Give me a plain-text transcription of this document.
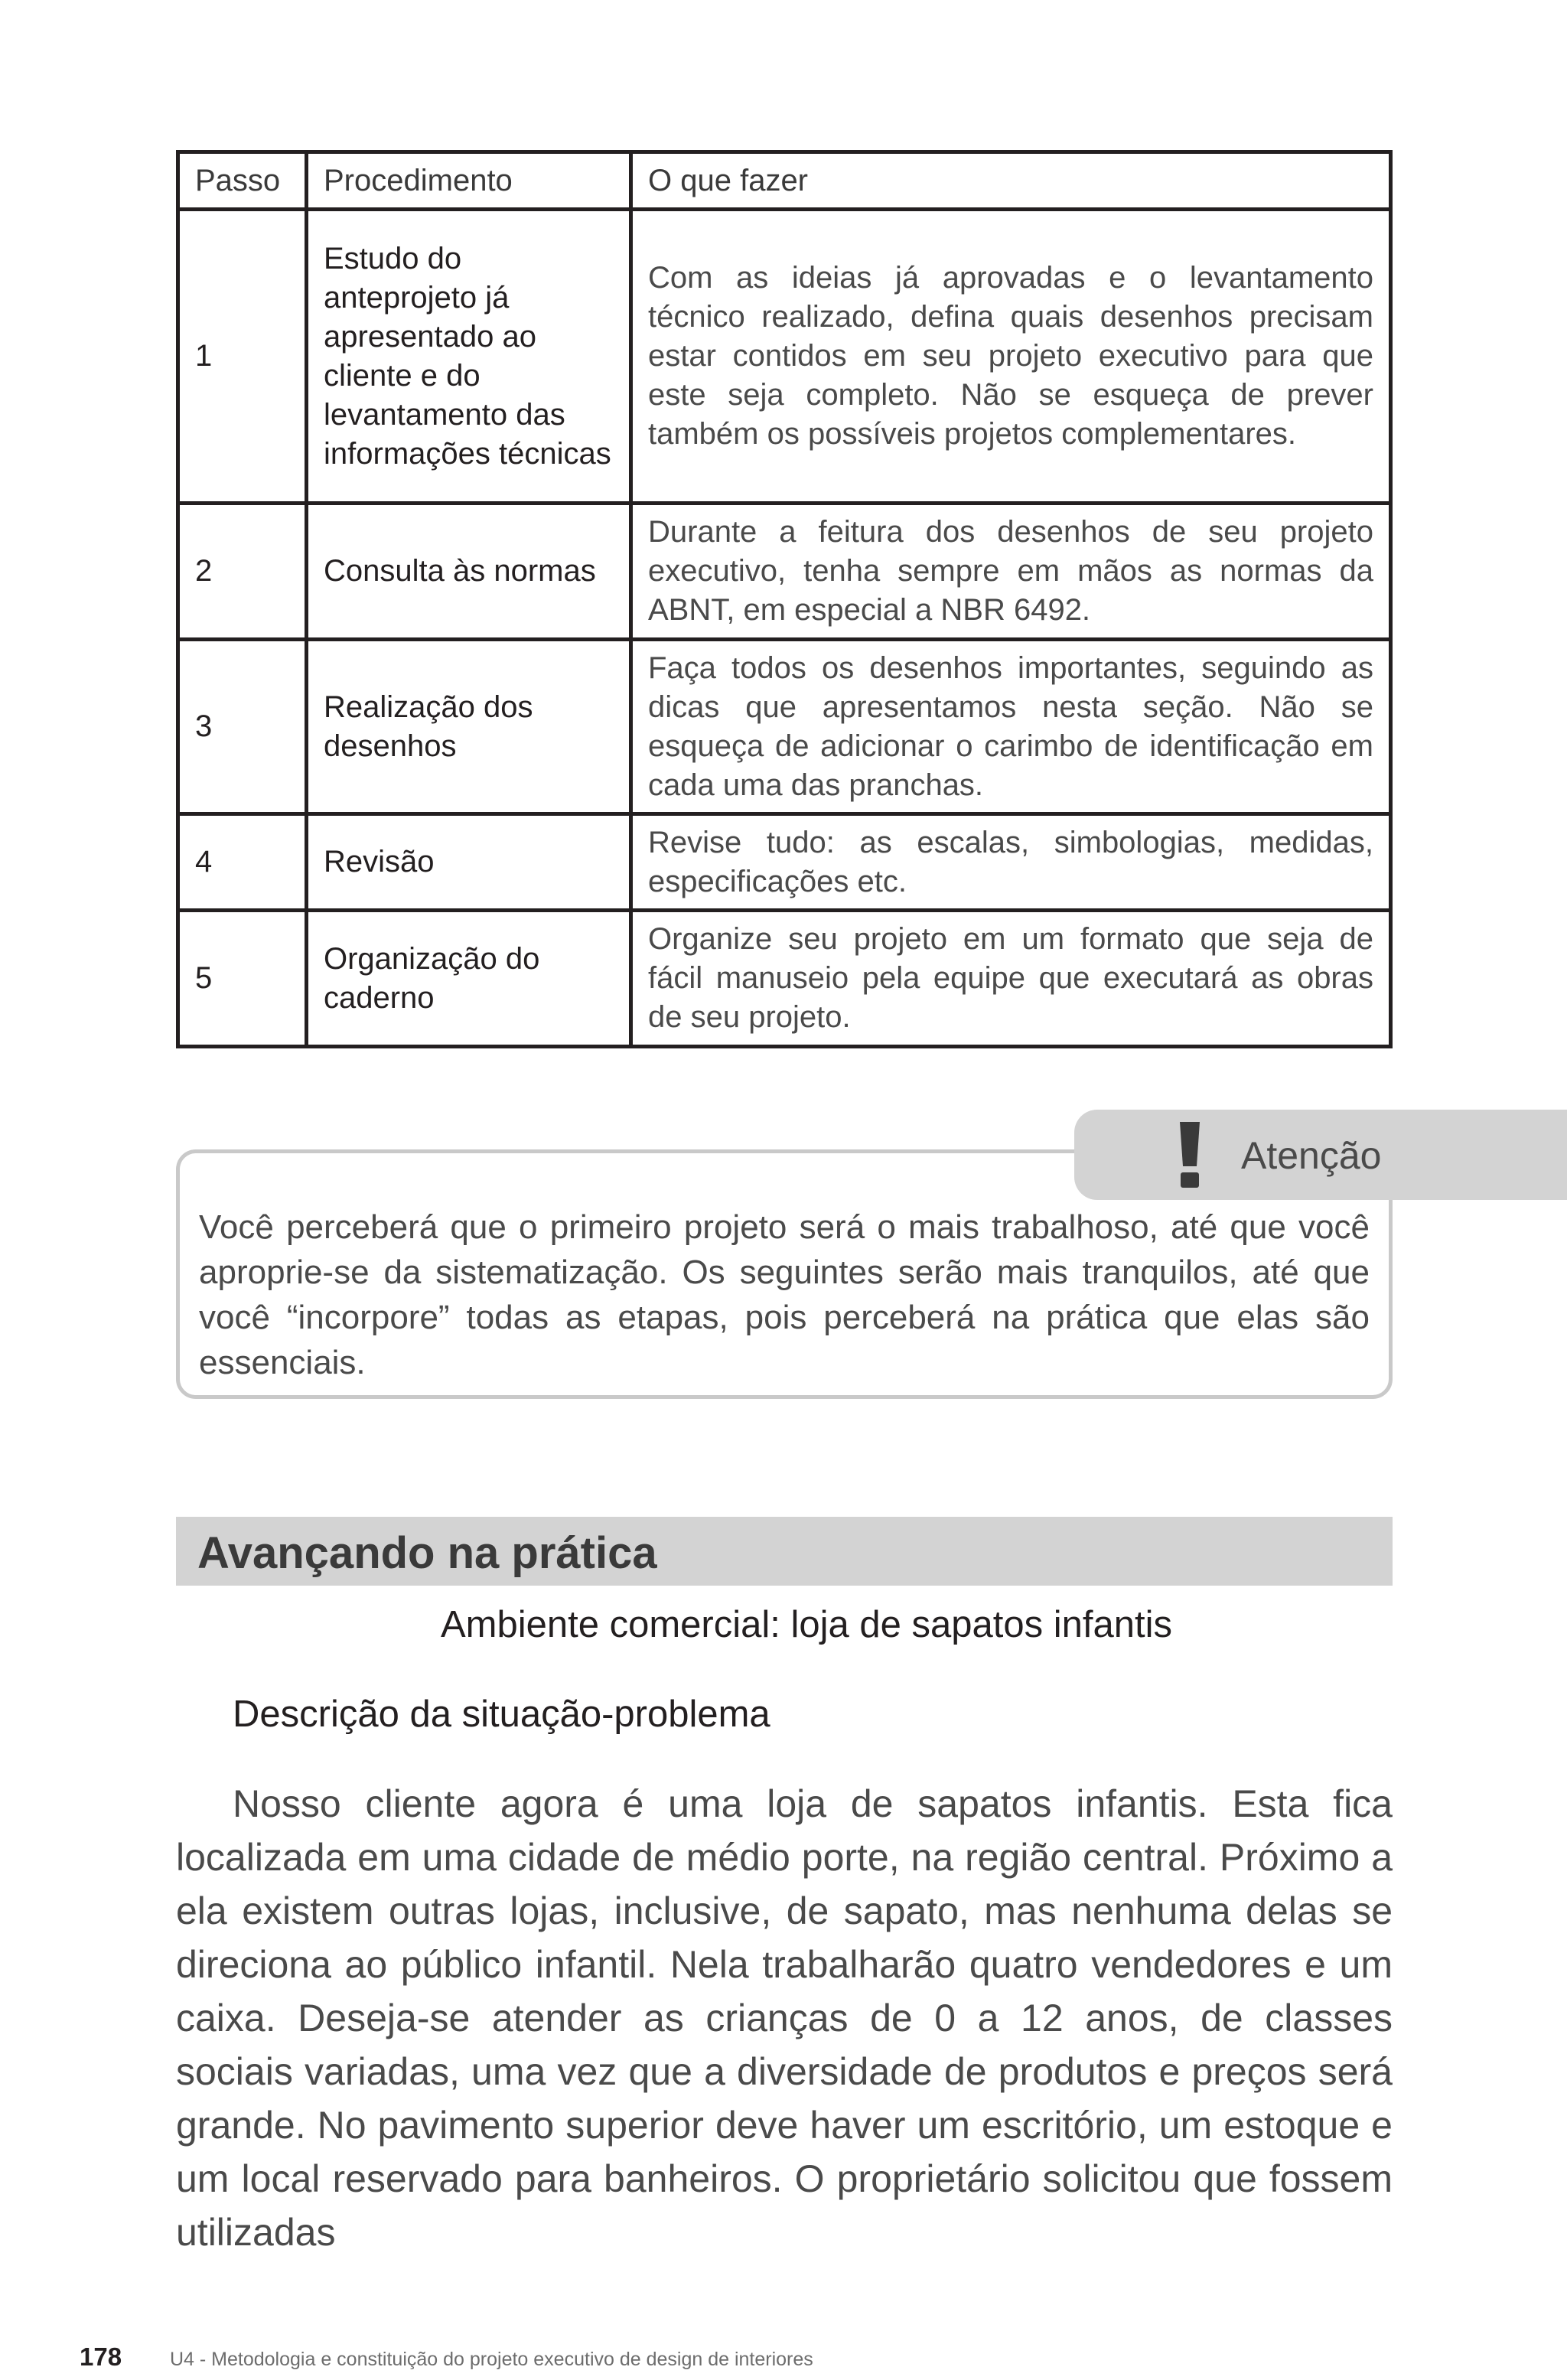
Passo	Procedimento	O que fazer
1	Estudo do anteprojeto já apresentado ao cliente e do levantamento das informações técnicas	Com as ideias já aprovadas e o levantamento técnico realizado, defina quais desenhos precisam estar contidos em seu projeto executivo para que este seja completo. Não se esqueça de prever também os possíveis projetos complementares.
2	Consulta às normas	Durante a feitura dos desenhos de seu projeto executivo, tenha sempre em mãos as normas da ABNT, em especial a NBR 6492.
3	Realização dos desenhos	Faça todos os desenhos importantes, seguindo as dicas que apresentamos nesta seção. Não se esqueça de adicionar o carimbo de identificação em cada uma das pranchas.
4	Revisão	Revise tudo: as escalas, simbologias, medidas, especificações etc.
5	Organização do caderno	Organize seu projeto em um formato que seja de fácil manuseio pela equipe que executará as obras de seu projeto.
Atenção
Você perceberá que o primeiro projeto será o mais trabalhoso, até que você aproprie-se da sistematização. Os seguintes serão mais tranquilos, até que você “incorpore” todas as etapas, pois perceberá na prática que elas são essenciais.
Avançando na prática
Ambiente comercial: loja de sapatos infantis
Descrição da situação-problema
Nosso cliente agora é uma loja de sapatos infantis. Esta fica localizada em uma cidade de médio porte, na região central. Próximo a ela existem outras lojas, inclusive, de sapato, mas nenhuma delas se direciona ao público infantil. Nela trabalharão quatro vendedores e um caixa. Deseja-se atender as crianças de 0 a 12 anos, de classes sociais variadas, uma vez que a diversidade de produtos e preços será grande. No pavimento superior deve haver um escritório, um estoque e um local reservado para banheiros. O proprietário solicitou que fossem utilizadas
178	U4 - Metodologia e constituição do projeto executivo de design de interiores
